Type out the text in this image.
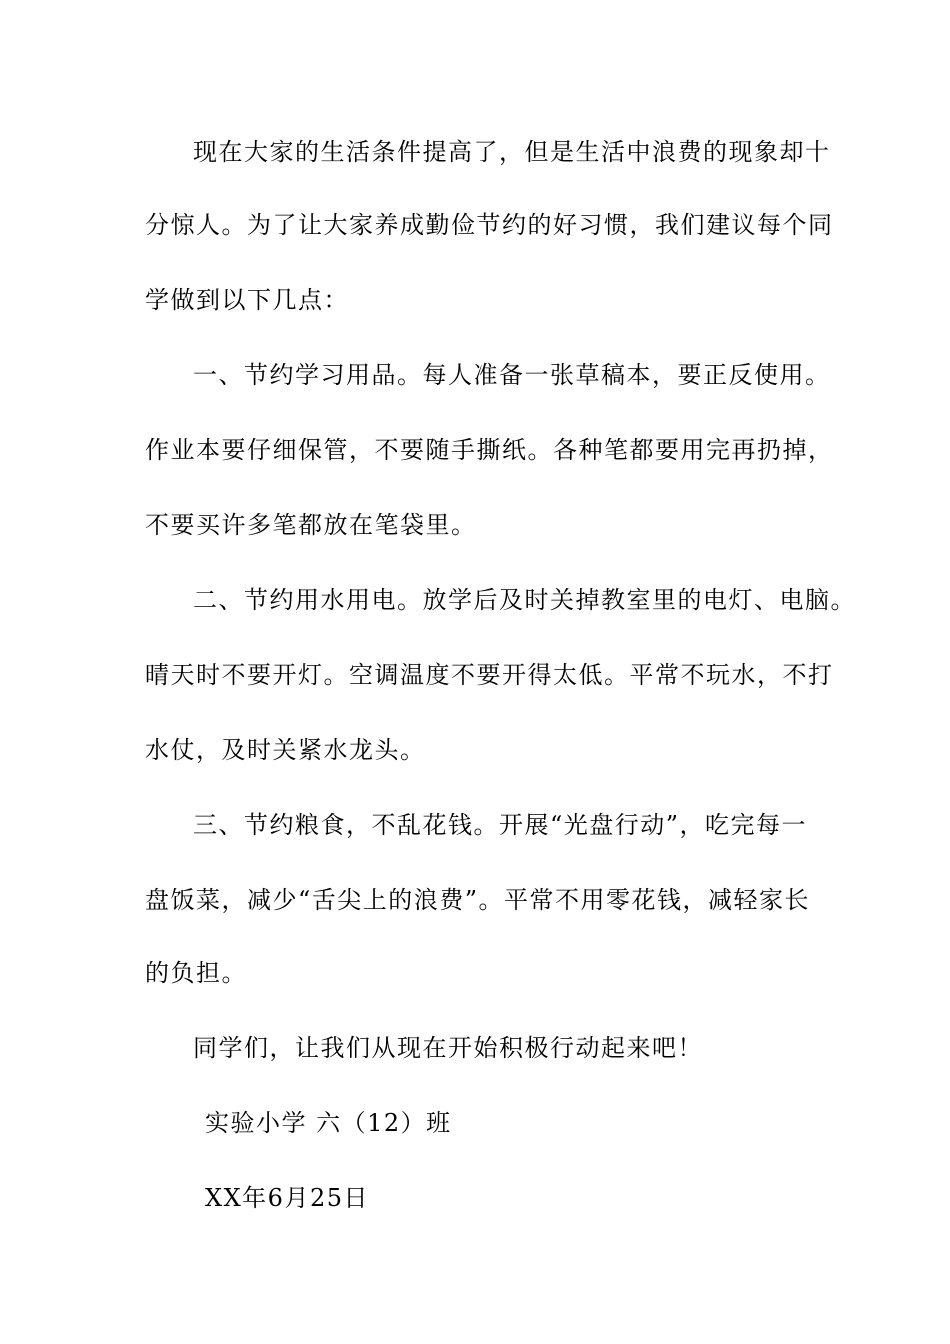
现在大家的生活条件提高了，但是生活中浪费的现象却十
分惊人。为了让大家养成勤俭节约的好习惯，我们建议每个同
学做到以下几点：
一、节约学习用品。每人准备一张草稿本，要正反使用。
作业本要仔细保管，不要随手撕纸。各种笔都要用完再扔掉，
不要买许多笔都放在笔袋里。
二、节约用水用电。放学后及时关掉教室里的电灯、电脑。
晴天时不要开灯。空调温度不要开得太低。平常不玩水，不打
水仗，及时关紧水龙头。
三、节约粮食，不乱花钱。开展“光盘行动”，吃完每一
盘饭菜，减少“舌尖上的浪费”。平常不用零花钱，减轻家长
的负担。
同学们，让我们从现在开始积极行动起来吧！
实验小学 六（12）班
XX年6月25日
